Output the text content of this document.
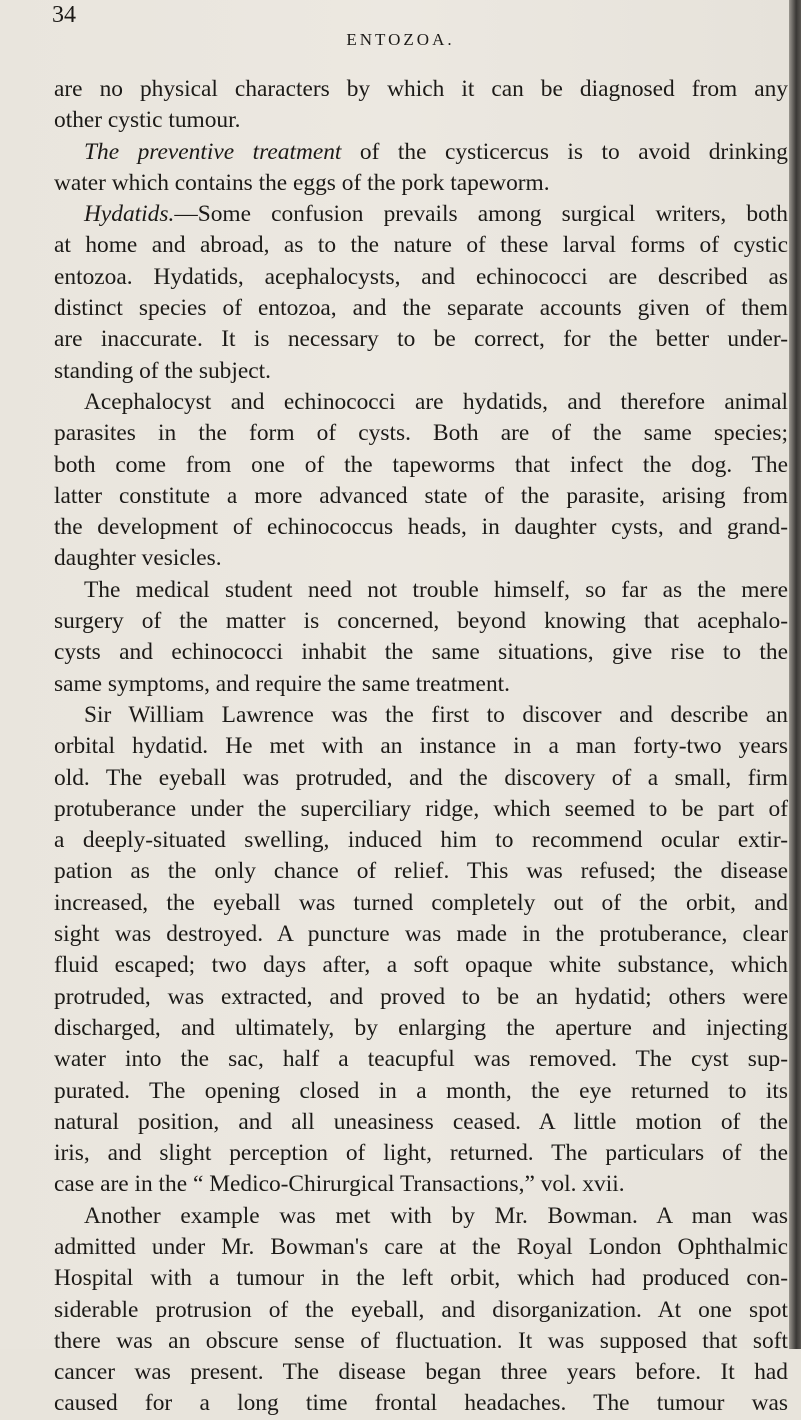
34
ENTOZOA.
are no physical characters by which it can be diagnosed from any
other cystic tumour.
The preventive treatment of the cysticercus is to avoid drinking
water which contains the eggs of the pork tapeworm.
Hydatids.—Some confusion prevails among surgical writers, both
at home and abroad, as to the nature of these larval forms of cystic
entozoa. Hydatids, acephalocysts, and echinococci are described as
distinct species of entozoa, and the separate accounts given of them
are inaccurate. It is necessary to be correct, for the better under-
standing of the subject.
Acephalocyst and echinococci are hydatids, and therefore animal
parasites in the form of cysts. Both are of the same species;
both come from one of the tapeworms that infect the dog. The
latter constitute a more advanced state of the parasite, arising from
the development of echinococcus heads, in daughter cysts, and grand-
daughter vesicles.
The medical student need not trouble himself, so far as the mere
surgery of the matter is concerned, beyond knowing that acephalo-
cysts and echinococci inhabit the same situations, give rise to the
same symptoms, and require the same treatment.
Sir William Lawrence was the first to discover and describe an
orbital hydatid. He met with an instance in a man forty-two years
old. The eyeball was protruded, and the discovery of a small, firm
protuberance under the superciliary ridge, which seemed to be part of
a deeply-situated swelling, induced him to recommend ocular extir-
pation as the only chance of relief. This was refused; the disease
increased, the eyeball was turned completely out of the orbit, and
sight was destroyed. A puncture was made in the protuberance, clear
fluid escaped; two days after, a soft opaque white substance, which
protruded, was extracted, and proved to be an hydatid; others were
discharged, and ultimately, by enlarging the aperture and injecting
water into the sac, half a teacupful was removed. The cyst sup-
purated. The opening closed in a month, the eye returned to its
natural position, and all uneasiness ceased. A little motion of the
iris, and slight perception of light, returned. The particulars of the
case are in the “ Medico-Chirurgical Transactions,” vol. xvii.
Another example was met with by Mr. Bowman. A man was
admitted under Mr. Bowman's care at the Royal London Ophthalmic
Hospital with a tumour in the left orbit, which had produced con-
siderable protrusion of the eyeball, and disorganization. At one spot
there was an obscure sense of fluctuation. It was supposed that soft
cancer was present. The disease began three years before. It had
caused for a long time frontal headaches. The tumour was
